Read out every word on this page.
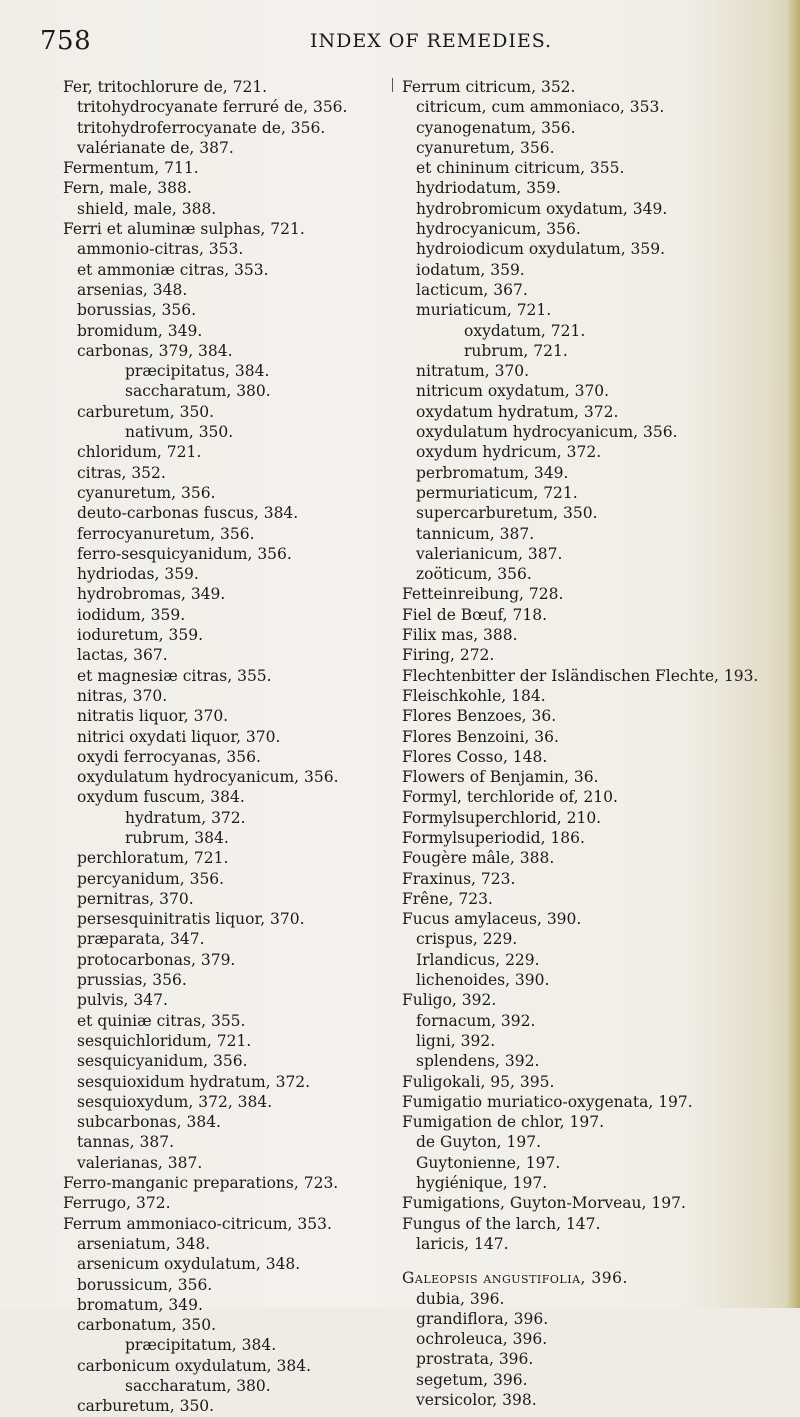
758	INDEX OF REMEDIES.
Fer, tritochlorure de, 721.
tritohydrocyanate ferruré de, 356.
tritohydroferrocyanate de, 356.
valérianate de, 387.
Fermentum, 711.
Fern, male, 388.
shield, male, 388.
Ferri et aluminæ sulphas, 721.
ammonio-citras, 353.
et ammoniæ citras, 353.
arsenias, 348.
borussias, 356.
bromidum, 349.
carbonas, 379, 384.
præcipitatus, 384.
saccharatum, 380.
carburetum, 350.
nativum, 350.
chloridum, 721.
citras, 352.
cyanuretum, 356.
deuto-carbonas fuscus, 384.
ferrocyanuretum, 356.
ferro-sesquicyanidum, 356.
hydriodas, 359.
hydrobromas, 349.
iodidum, 359.
ioduretum, 359.
lactas, 367.
et magnesiæ citras, 355.
nitras, 370.
nitratis liquor, 370.
nitrici oxydati liquor, 370.
oxydi ferrocyanas, 356.
oxydulatum hydrocyanicum, 356.
oxydum fuscum, 384.
hydratum, 372.
rubrum, 384.
perchloratum, 721.
percyanidum, 356.
pernitras, 370.
persesquinitratis liquor, 370.
præparata, 347.
protocarbonas, 379.
prussias, 356.
pulvis, 347.
et quiniæ citras, 355.
sesquichloridum, 721.
sesquicyanidum, 356.
sesquioxidum hydratum, 372.
sesquioxydum, 372, 384.
subcarbonas, 384.
tannas, 387.
valerianas, 387.
Ferro-manganic preparations, 723.
Ferrugo, 372.
Ferrum ammoniaco-citricum, 353.
arseniatum, 348.
arsenicum oxydulatum, 348.
borussicum, 356.
bromatum, 349.
carbonatum, 350.
præcipitatum, 384.
carbonicum oxydulatum, 384.
saccharatum, 380.
carburetum, 350.
Ferrum citricum, 352.
citricum, cum ammoniaco, 353.
cyanogenatum, 356.
cyanuretum, 356.
et chininum citricum, 355.
hydriodatum, 359.
hydrobromicum oxydatum, 349.
hydrocyanicum, 356.
hydroiodicum oxydulatum, 359.
iodatum, 359.
lacticum, 367.
muriaticum, 721.
oxydatum, 721.
rubrum, 721.
nitratum, 370.
nitricum oxydatum, 370.
oxydatum hydratum, 372.
oxydulatum hydrocyanicum, 356.
oxydum hydricum, 372.
perbromatum, 349.
permuriaticum, 721.
supercarburetum, 350.
tannicum, 387.
valerianicum, 387.
zoöticum, 356.
Fetteinreibung, 728.
Fiel de Bœuf, 718.
Filix mas, 388.
Firing, 272.
Flechtenbitter der Isländischen Flechte, 193.
Fleischkohle, 184.
Flores Benzoes, 36.
Flores Benzoini, 36.
Flores Cosso, 148.
Flowers of Benjamin, 36.
Formyl, terchloride of, 210.
Formylsuperchlorid, 210.
Formylsuperiodid, 186.
Fougère mâle, 388.
Fraxinus, 723.
Frêne, 723.
Fucus amylaceus, 390.
crispus, 229.
Irlandicus, 229.
lichenoides, 390.
Fuligo, 392.
fornacum, 392.
ligni, 392.
splendens, 392.
Fuligokali, 95, 395.
Fumigatio muriatico-oxygenata, 197.
Fumigation de chlor, 197.
de Guyton, 197.
Guytonienne, 197.
hygiénique, 197.
Fumigations, Guyton-Morveau, 197.
Fungus of the larch, 147.
laricis, 147.
Galeopsis angustifolia, 396.
dubia, 396.
grandiflora, 396.
ochroleuca, 396.
prostrata, 396.
segetum, 396.
versicolor, 398.
